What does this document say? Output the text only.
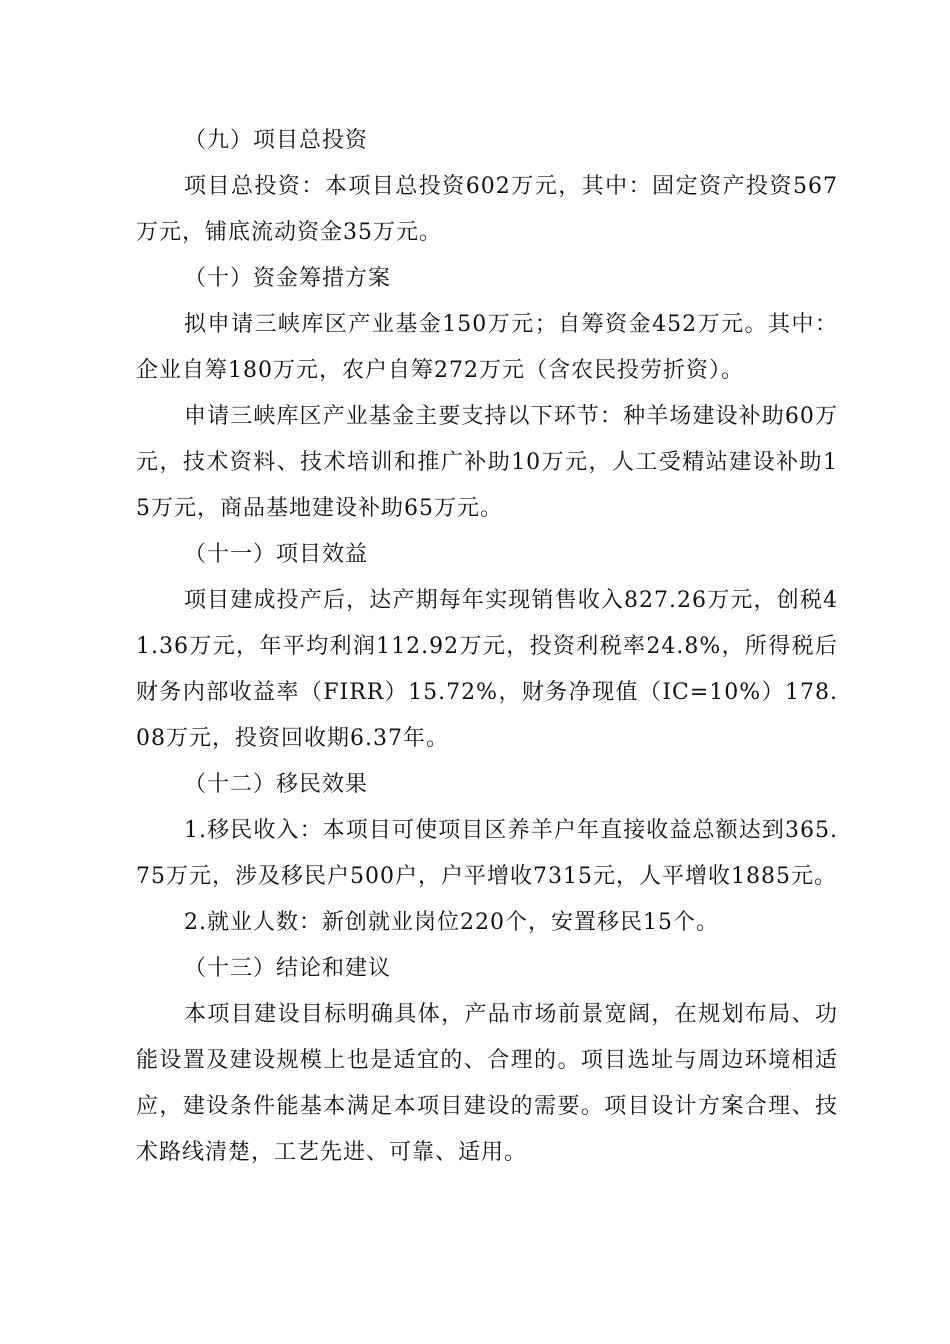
（九）项目总投资

项目总投资：本项目总投资602万元，其中：固定资产投资567万元，铺底流动资金35万元。

（十）资金筹措方案

拟申请三峡库区产业基金150万元；自筹资金452万元。其中：企业自筹180万元，农户自筹272万元（含农民投劳折资）。

申请三峡库区产业基金主要支持以下环节：种羊场建设补助60万元，技术资料、技术培训和推广补助10万元，人工受精站建设补助15万元，商品基地建设补助65万元。

（十一）项目效益

项目建成投产后，达产期每年实现销售收入827.26万元，创税41.36万元，年平均利润112.92万元，投资利税率24.8%，所得税后财务内部收益率（FIRR）15.72%，财务净现值（IC=10%）178.08万元，投资回收期6.37年。

（十二）移民效果

1.移民收入：本项目可使项目区养羊户年直接收益总额达到365.75万元，涉及移民户500户，户平增收7315元，人平增收1885元。

2.就业人数：新创就业岗位220个，安置移民15个。

（十三）结论和建议

本项目建设目标明确具体，产品市场前景宽阔，在规划布局、功能设置及建设规模上也是适宜的、合理的。项目选址与周边环境相适应，建设条件能基本满足本项目建设的需要。项目设计方案合理、技术路线清楚，工艺先进、可靠、适用。
